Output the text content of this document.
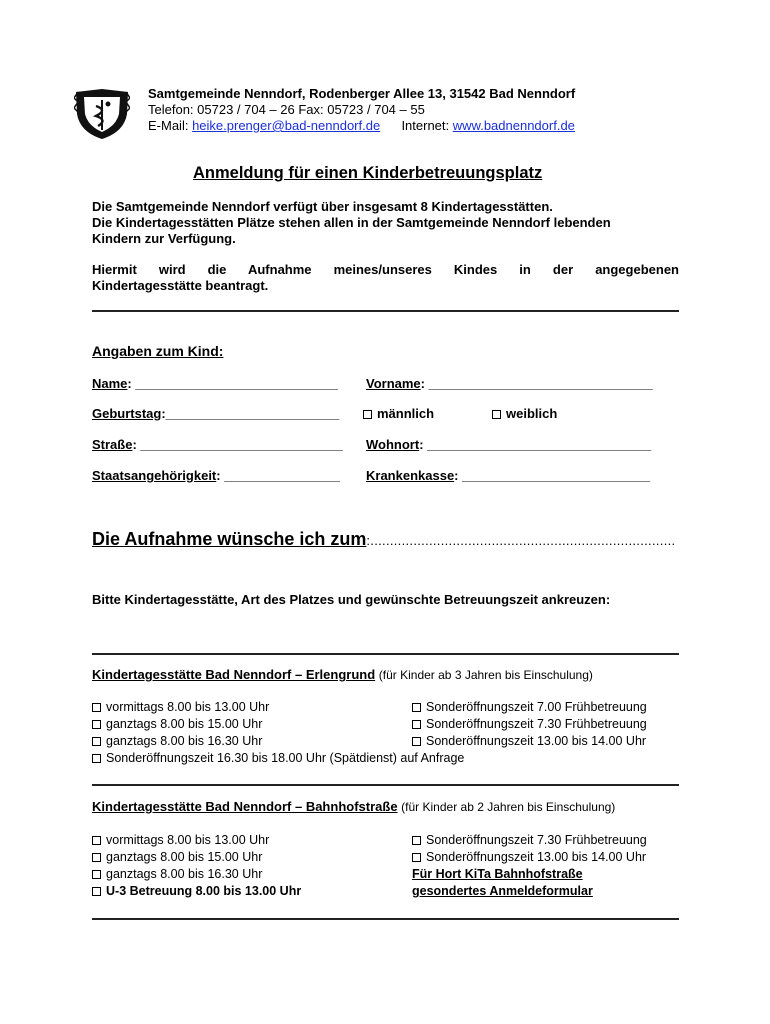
Samtgemeinde Nenndorf, Rodenberger Allee 13, 31542 Bad Nenndorf
Telefon: 05723 / 704 – 26 Fax: 05723 / 704 – 55
E-Mail: heike.prenger@bad-nenndorf.de Internet: www.badnenndorf.de
Anmeldung für einen Kinderbetreuungsplatz
Die Samtgemeinde Nenndorf verfügt über insgesamt 8 Kindertagesstätten.
Die Kindertagesstätten Plätze stehen allen in der Samtgemeinde Nenndorf lebenden
Kindern zur Verfügung.
Hiermit wird die Aufnahme meines/unseres Kindes in der angegebenen
Kindertagesstätte beantragt.
Angaben zum Kind:
Name: ____________________________ Vorname: _______________________________
Geburtstag:________________________	männlich	weiblich
Straße: ____________________________ Wohnort: _______________________________
Staatsangehörigkeit: ________________ Krankenkasse: __________________________
Die Aufnahme wünsche ich zum:..............................................................................
Bitte Kindertagesstätte, Art des Platzes und gewünschte Betreuungszeit ankreuzen:
Kindertagesstätte Bad Nenndorf – Erlengrund (für Kinder ab 3 Jahren bis Einschulung)
vormittags 8.00 bis 13.00 Uhr
ganztags 8.00 bis 15.00 Uhr
ganztags 8.00 bis 16.30 Uhr
Sonderöffnungszeit 16.30 bis 18.00 Uhr (Spätdienst) auf Anfrage
Sonderöffnungszeit 7.00 Frühbetreuung
Sonderöffnungszeit 7.30 Frühbetreuung
Sonderöffnungszeit 13.00 bis 14.00 Uhr
Kindertagesstätte Bad Nenndorf – Bahnhofstraße (für Kinder ab 2 Jahren bis Einschulung)
vormittags 8.00 bis 13.00 Uhr
ganztags 8.00 bis 15.00 Uhr
ganztags 8.00 bis 16.30 Uhr
U-3 Betreuung 8.00 bis 13.00 Uhr
Sonderöffnungszeit 7.30 Frühbetreuung
Sonderöffnungszeit 13.00 bis 14.00 Uhr
Für Hort KiTa Bahnhofstraße
gesondertes Anmeldeformular
